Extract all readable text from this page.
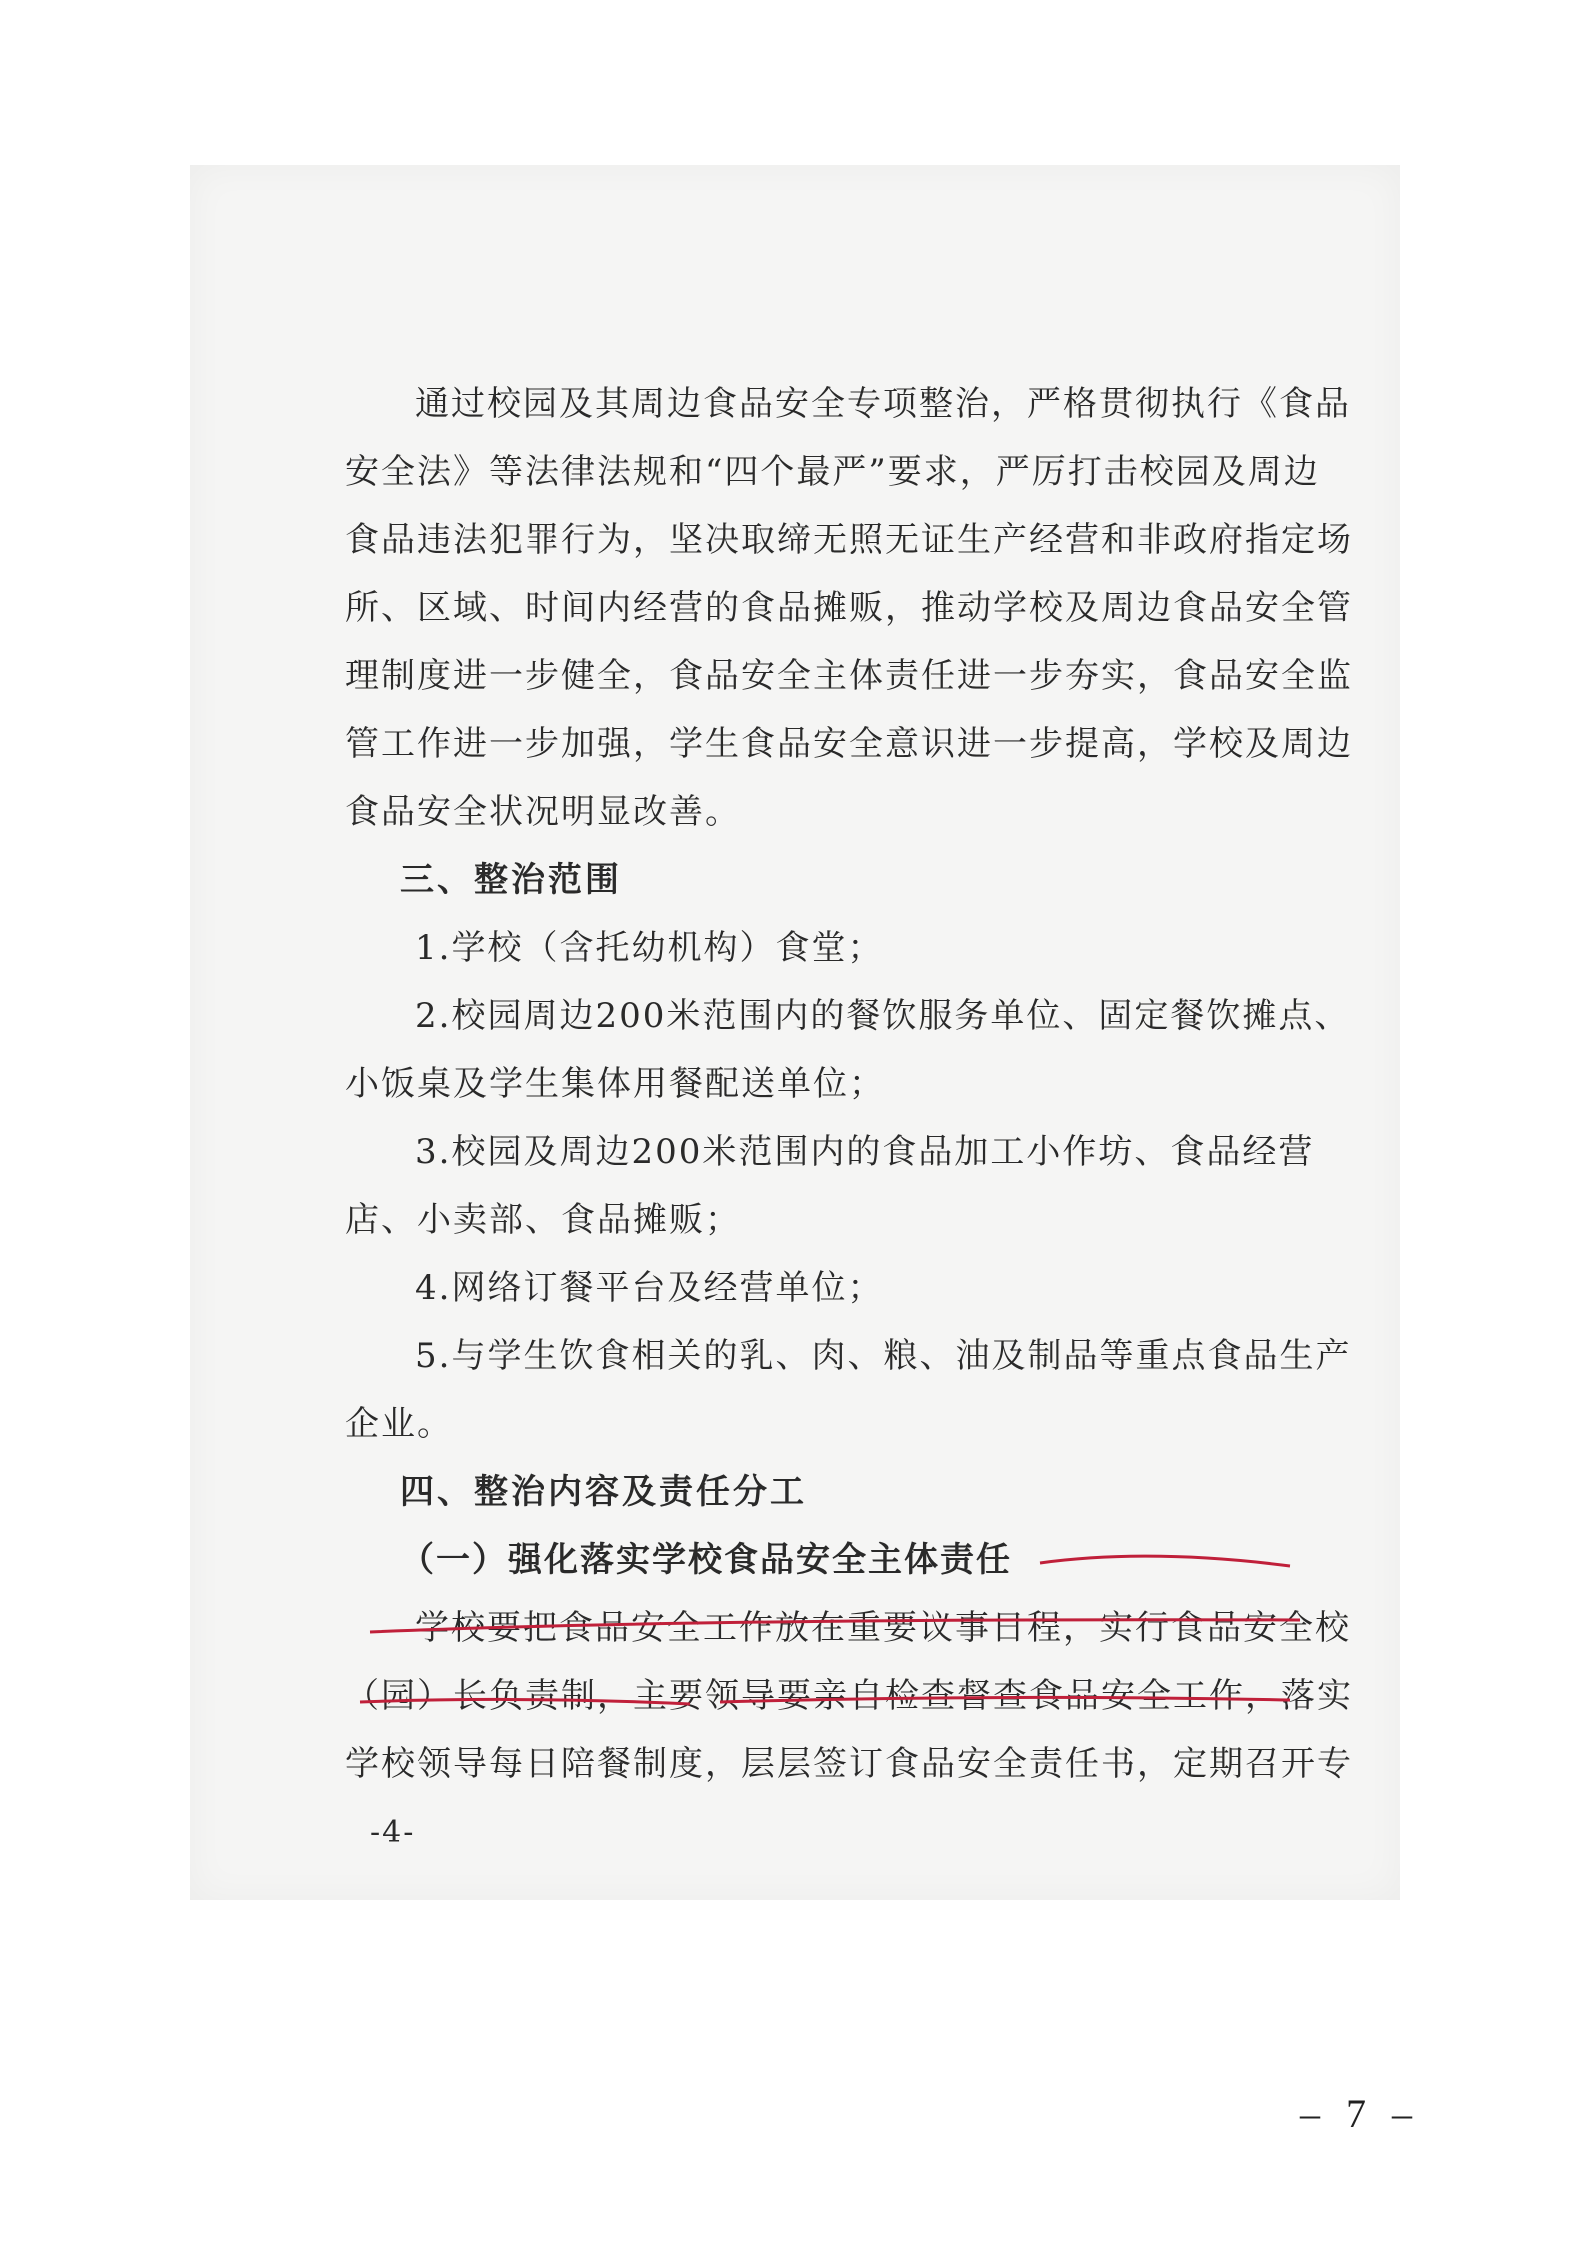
通过校园及其周边食品安全专项整治，严格贯彻执行《食品
安全法》等法律法规和“四个最严”要求，严厉打击校园及周边
食品违法犯罪行为，坚决取缔无照无证生产经营和非政府指定场
所、区域、时间内经营的食品摊贩，推动学校及周边食品安全管
理制度进一步健全，食品安全主体责任进一步夯实，食品安全监
管工作进一步加强，学生食品安全意识进一步提高，学校及周边
食品安全状况明显改善。
三、整治范围
1.学校（含托幼机构）食堂；
2.校园周边200米范围内的餐饮服务单位、固定餐饮摊点、
小饭桌及学生集体用餐配送单位；
3.校园及周边200米范围内的食品加工小作坊、食品经营
店、小卖部、食品摊贩；
4.网络订餐平台及经营单位；
5.与学生饮食相关的乳、肉、粮、油及制品等重点食品生产
企业。
四、整治内容及责任分工
（一）强化落实学校食品安全主体责任
学校要把食品安全工作放在重要议事日程，实行食品安全校
（园）长负责制，主要领导要亲自检查督查食品安全工作，落实
学校领导每日陪餐制度，层层签订食品安全责任书，定期召开专
-4-
– 7 –
